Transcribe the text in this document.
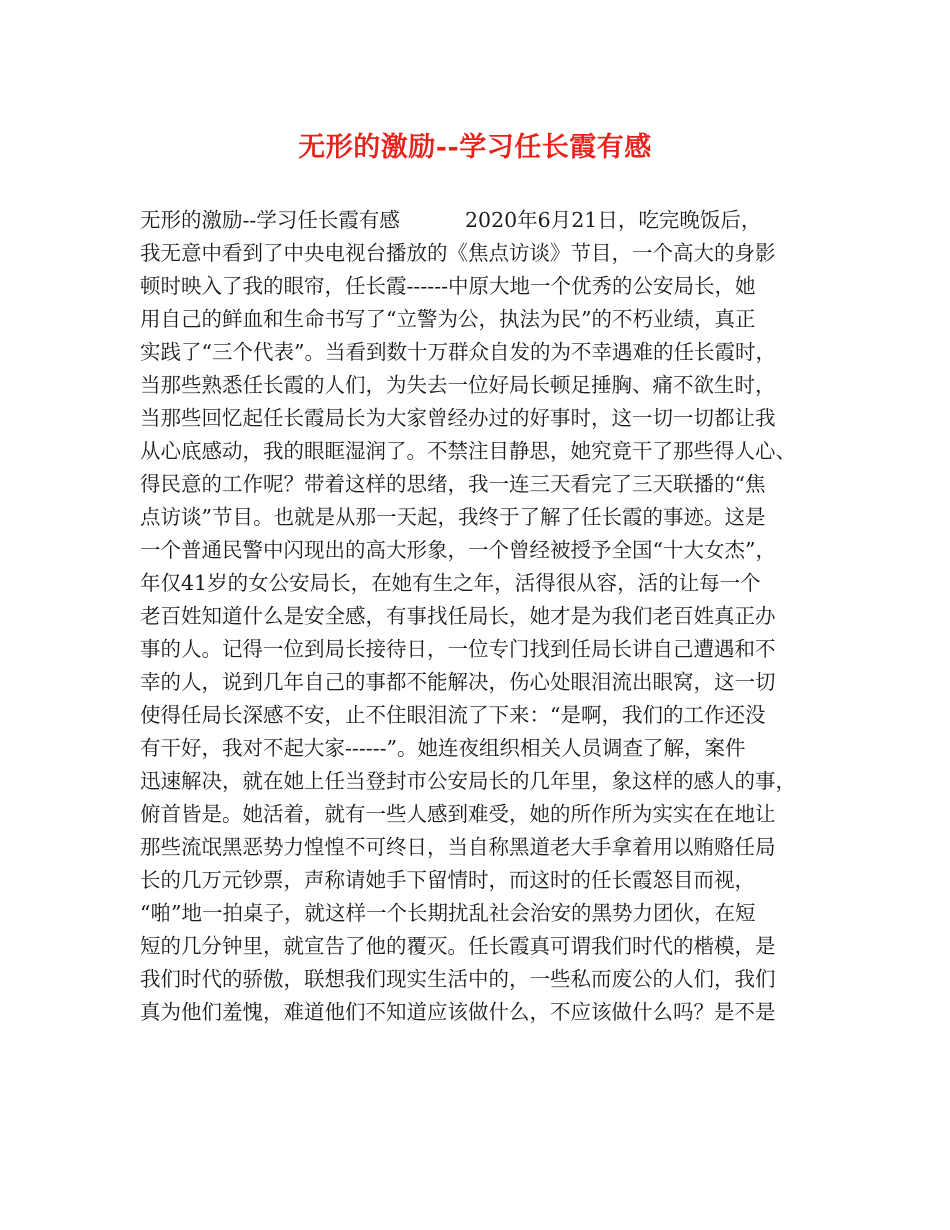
无形的激励--学习任长霞有感
无形的激励--学习任长霞有感          2020年6月21日，吃完晚饭后，
我无意中看到了中央电视台播放的《焦点访谈》节目，一个高大的身影
顿时映入了我的眼帘，任长霞------中原大地一个优秀的公安局长，她
用自己的鲜血和生命书写了“立警为公，执法为民”的不朽业绩，真正
实践了“三个代表”。当看到数十万群众自发的为不幸遇难的任长霞时，
当那些熟悉任长霞的人们，为失去一位好局长顿足捶胸、痛不欲生时，
当那些回忆起任长霞局长为大家曾经办过的好事时，这一切一切都让我
从心底感动，我的眼眶湿润了。不禁注目静思，她究竟干了那些得人心、
得民意的工作呢？带着这样的思绪，我一连三天看完了三天联播的“焦
点访谈”节目。也就是从那一天起，我终于了解了任长霞的事迹。这是
一个普通民警中闪现出的高大形象，一个曾经被授予全国“十大女杰”，
年仅41岁的女公安局长，在她有生之年，活得很从容，活的让每一个
老百姓知道什么是安全感，有事找任局长，她才是为我们老百姓真正办
事的人。记得一位到局长接待日，一位专门找到任局长讲自己遭遇和不
幸的人，说到几年自己的事都不能解决，伤心处眼泪流出眼窝，这一切
使得任局长深感不安，止不住眼泪流了下来：“是啊，我们的工作还没
有干好，我对不起大家------”。她连夜组织相关人员调查了解，案件
迅速解决，就在她上任当登封市公安局长的几年里，象这样的感人的事，
俯首皆是。她活着，就有一些人感到难受，她的所作所为实实在在地让
那些流氓黑恶势力惶惶不可终日，当自称黑道老大手拿着用以贿赂任局
长的几万元钞票，声称请她手下留情时，而这时的任长霞怒目而视，
“啪”地一拍桌子，就这样一个长期扰乱社会治安的黑势力团伙，在短
短的几分钟里，就宣告了他的覆灭。任长霞真可谓我们时代的楷模，是
我们时代的骄傲，联想我们现实生活中的，一些私而废公的人们，我们
真为他们羞愧，难道他们不知道应该做什么，不应该做什么吗？是不是
